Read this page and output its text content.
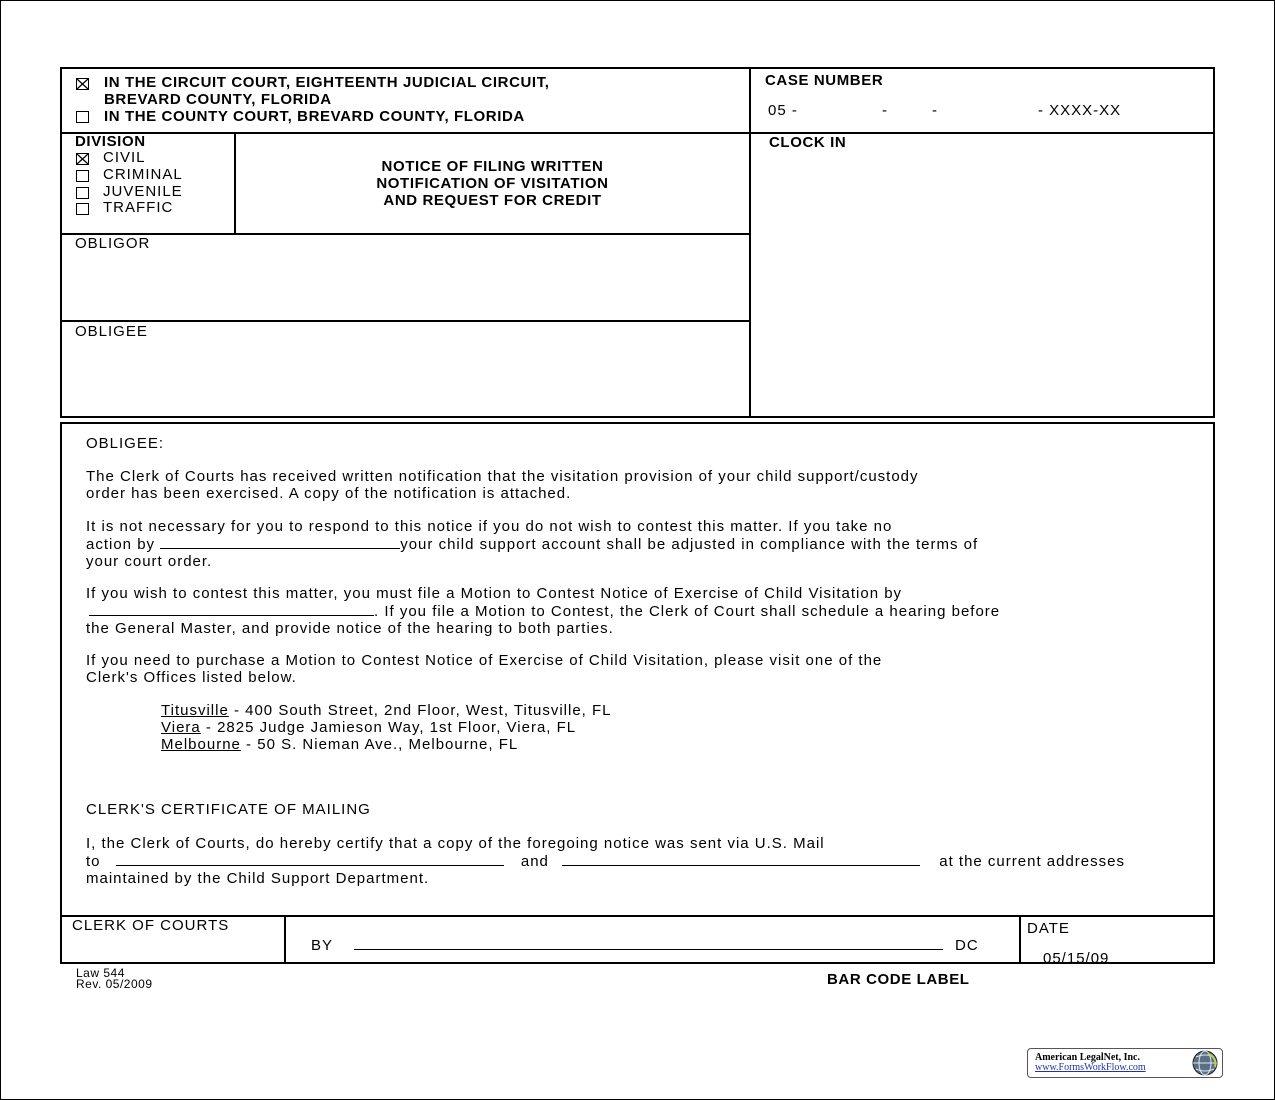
IN THE CIRCUIT COURT, EIGHTEENTH JUDICIAL CIRCUIT,
BREVARD COUNTY, FLORIDA
IN THE COUNTY COURT, BREVARD COUNTY, FLORIDA
CASE NUMBER
05 -	-	-	- XXXX-XX
CLOCK IN
DIVISION
CIVIL
CRIMINAL
JUVENILE
TRAFFIC
NOTICE OF FILING WRITTEN
NOTIFICATION OF VISITATION
AND REQUEST FOR CREDIT
OBLIGOR
OBLIGEE
OBLIGEE:
The Clerk of Courts has received written notification that the visitation provision of your child support/custody
order has been exercised. A copy of the notification is attached.
It is not necessary for you to respond to this notice if you do not wish to contest this matter. If you take no
action by	your child support account shall be adjusted in compliance with the terms of
your court order.
If you wish to contest this matter, you must file a Motion to Contest Notice of Exercise of Child Visitation by
. If you file a Motion to Contest, the Clerk of Court shall schedule a hearing before
the General Master, and provide notice of the hearing to both parties.
If you need to purchase a Motion to Contest Notice of Exercise of Child Visitation, please visit one of the
Clerk's Offices listed below.
Titusville - 400 South Street, 2nd Floor, West, Titusville, FL
Viera - 2825 Judge Jamieson Way, 1st Floor, Viera, FL
Melbourne - 50 S. Nieman Ave., Melbourne, FL
CLERK'S CERTIFICATE OF MAILING
I, the Clerk of Courts, do hereby certify that a copy of the foregoing notice was sent via U.S. Mail
to	and	at the current addresses
maintained by the Child Support Department.
CLERK OF COURTS
BY	DC
DATE
05/15/09
Law 544
Rev. 05/2009	BAR CODE LABEL
American LegalNet, Inc.
www.FormsWorkFlow.com
